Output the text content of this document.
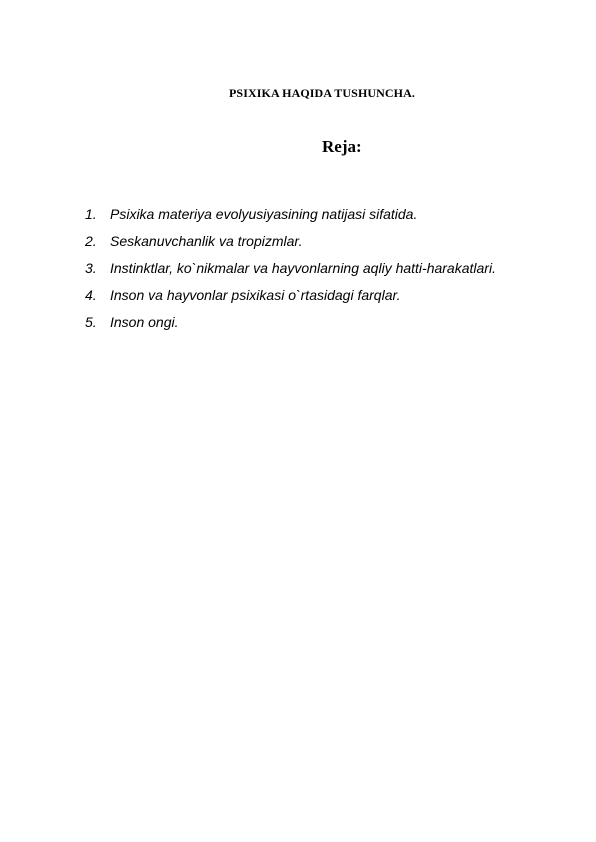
PSIXIKA HAQIDA TUSHUNCHA.
Reja:
1. Psixika materiya evolyusiyasining natijasi sifatida.
2. Seskanuvchanlik va tropizmlar.
3. Instinktlar, ko`nikmalar va hayvonlarning aqliy hatti-harakatlari.
4. Inson va hayvonlar psixikasi o`rtasidagi farqlar.
5. Inson ongi.
